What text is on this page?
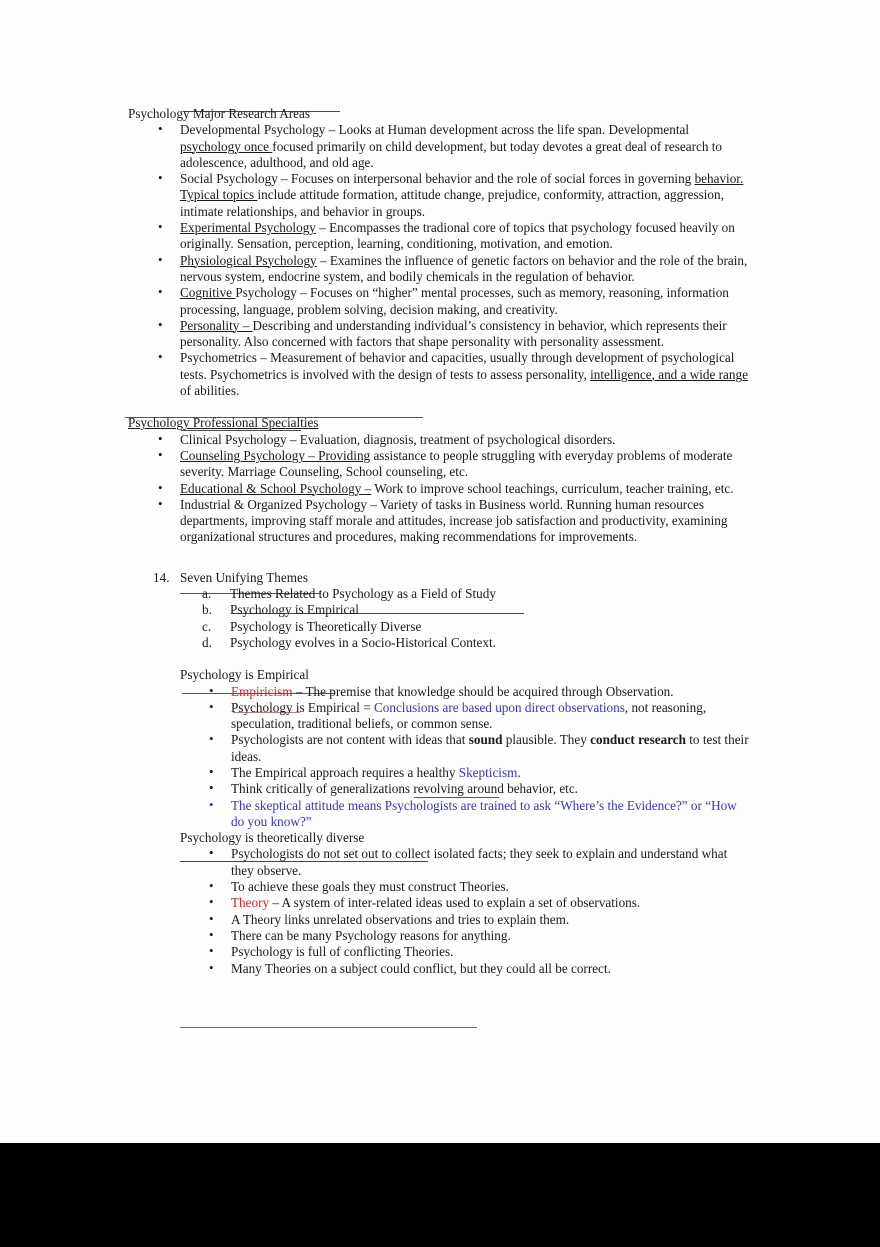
Psychology Major Research Areas
• Developmental Psychology – Looks at Human development across the life span. Developmental psychology once focused primarily on child development, but today devotes a great deal of research to adolescence, adulthood, and old age.
• Social Psychology – Focuses on interpersonal behavior and the role of social forces in governing behavior. Typical topics include attitude formation, attitude change, prejudice, conformity, attraction, aggression, intimate relationships, and behavior in groups.
• Experimental Psychology – Encompasses the tradional core of topics that psychology focused heavily on originally. Sensation, perception, learning, conditioning, motivation, and emotion.
• Physiological Psychology – Examines the influence of genetic factors on behavior and the role of the brain, nervous system, endocrine system, and bodily chemicals in the regulation of behavior.
• Cognitive Psychology – Focuses on “higher” mental processes, such as memory, reasoning, information processing, language, problem solving, decision making, and creativity.
• Personality – Describing and understanding individual’s consistency in behavior, which represents their personality. Also concerned with factors that shape personality with personality assessment.
• Psychometrics – Measurement of behavior and capacities, usually through development of psychological tests. Psychometrics is involved with the design of tests to assess personality, intelligence, and a wide range of abilities.
Psychology Professional Specialties
• Clinical Psychology – Evaluation, diagnosis, treatment of psychological disorders.
• Counseling Psychology – Providing assistance to people struggling with everyday problems of moderate severity. Marriage Counseling, School counseling, etc.
• Educational & School Psychology – Work to improve school teachings, curriculum, teacher training, etc.
• Industrial & Organized Psychology – Variety of tasks in Business world. Running human resources departments, improving staff morale and attitudes, increase job satisfaction and productivity, examining organizational structures and procedures, making recommendations for improvements.
14. Seven Unifying Themes
a.	Themes Related to Psychology as a Field of Study
b.	Psychology is Empirical
c.	Psychology is Theoretically Diverse
d.	Psychology evolves in a Socio-Historical Context.
Psychology is Empirical
• Empiricism – The premise that knowledge should be acquired through Observation.
• Psychology is Empirical = Conclusions are based upon direct observations, not reasoning, speculation, traditional beliefs, or common sense.
• Psychologists are not content with ideas that sound plausible. They conduct research to test their ideas.
• The Empirical approach requires a healthy Skepticism.
• Think critically of generalizations revolving around behavior, etc.
• The skeptical attitude means Psychologists are trained to ask “Where’s the Evidence?” or “How do you know?”
Psychology is theoretically diverse
• Psychologists do not set out to collect isolated facts; they seek to explain and understand what they observe.
• To achieve these goals they must construct Theories.
• Theory – A system of inter-related ideas used to explain a set of observations.
• A Theory links unrelated observations and tries to explain them.
• There can be many Psychology reasons for anything.
• Psychology is full of conflicting Theories.
• Many Theories on a subject could conflict, but they could all be correct.
